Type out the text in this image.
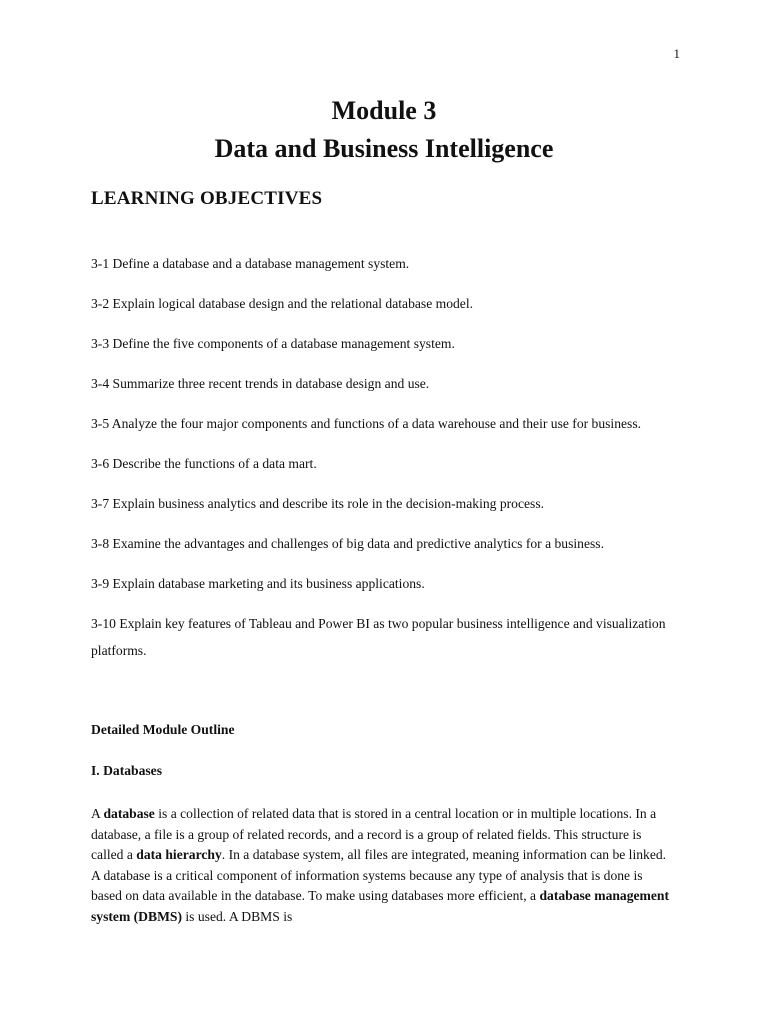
1
Module 3
Data and Business Intelligence
LEARNING OBJECTIVES
3-1 Define a database and a database management system.
3-2 Explain logical database design and the relational database model.
3-3 Define the five components of a database management system.
3-4 Summarize three recent trends in database design and use.
3-5 Analyze the four major components and functions of a data warehouse and their use for business.
3-6 Describe the functions of a data mart.
3-7 Explain business analytics and describe its role in the decision-making process.
3-8 Examine the advantages and challenges of big data and predictive analytics for a business.
3-9 Explain database marketing and its business applications.
3-10 Explain key features of Tableau and Power BI as two popular business intelligence and visualization platforms.
Detailed Module Outline
I. Databases

A database is a collection of related data that is stored in a central location or in multiple locations. In a database, a file is a group of related records, and a record is a group of related fields. This structure is called a data hierarchy. In a database system, all files are integrated, meaning information can be linked. A database is a critical component of information systems because any type of analysis that is done is based on data available in the database. To make using databases more efficient, a database management system (DBMS) is used. A DBMS is
